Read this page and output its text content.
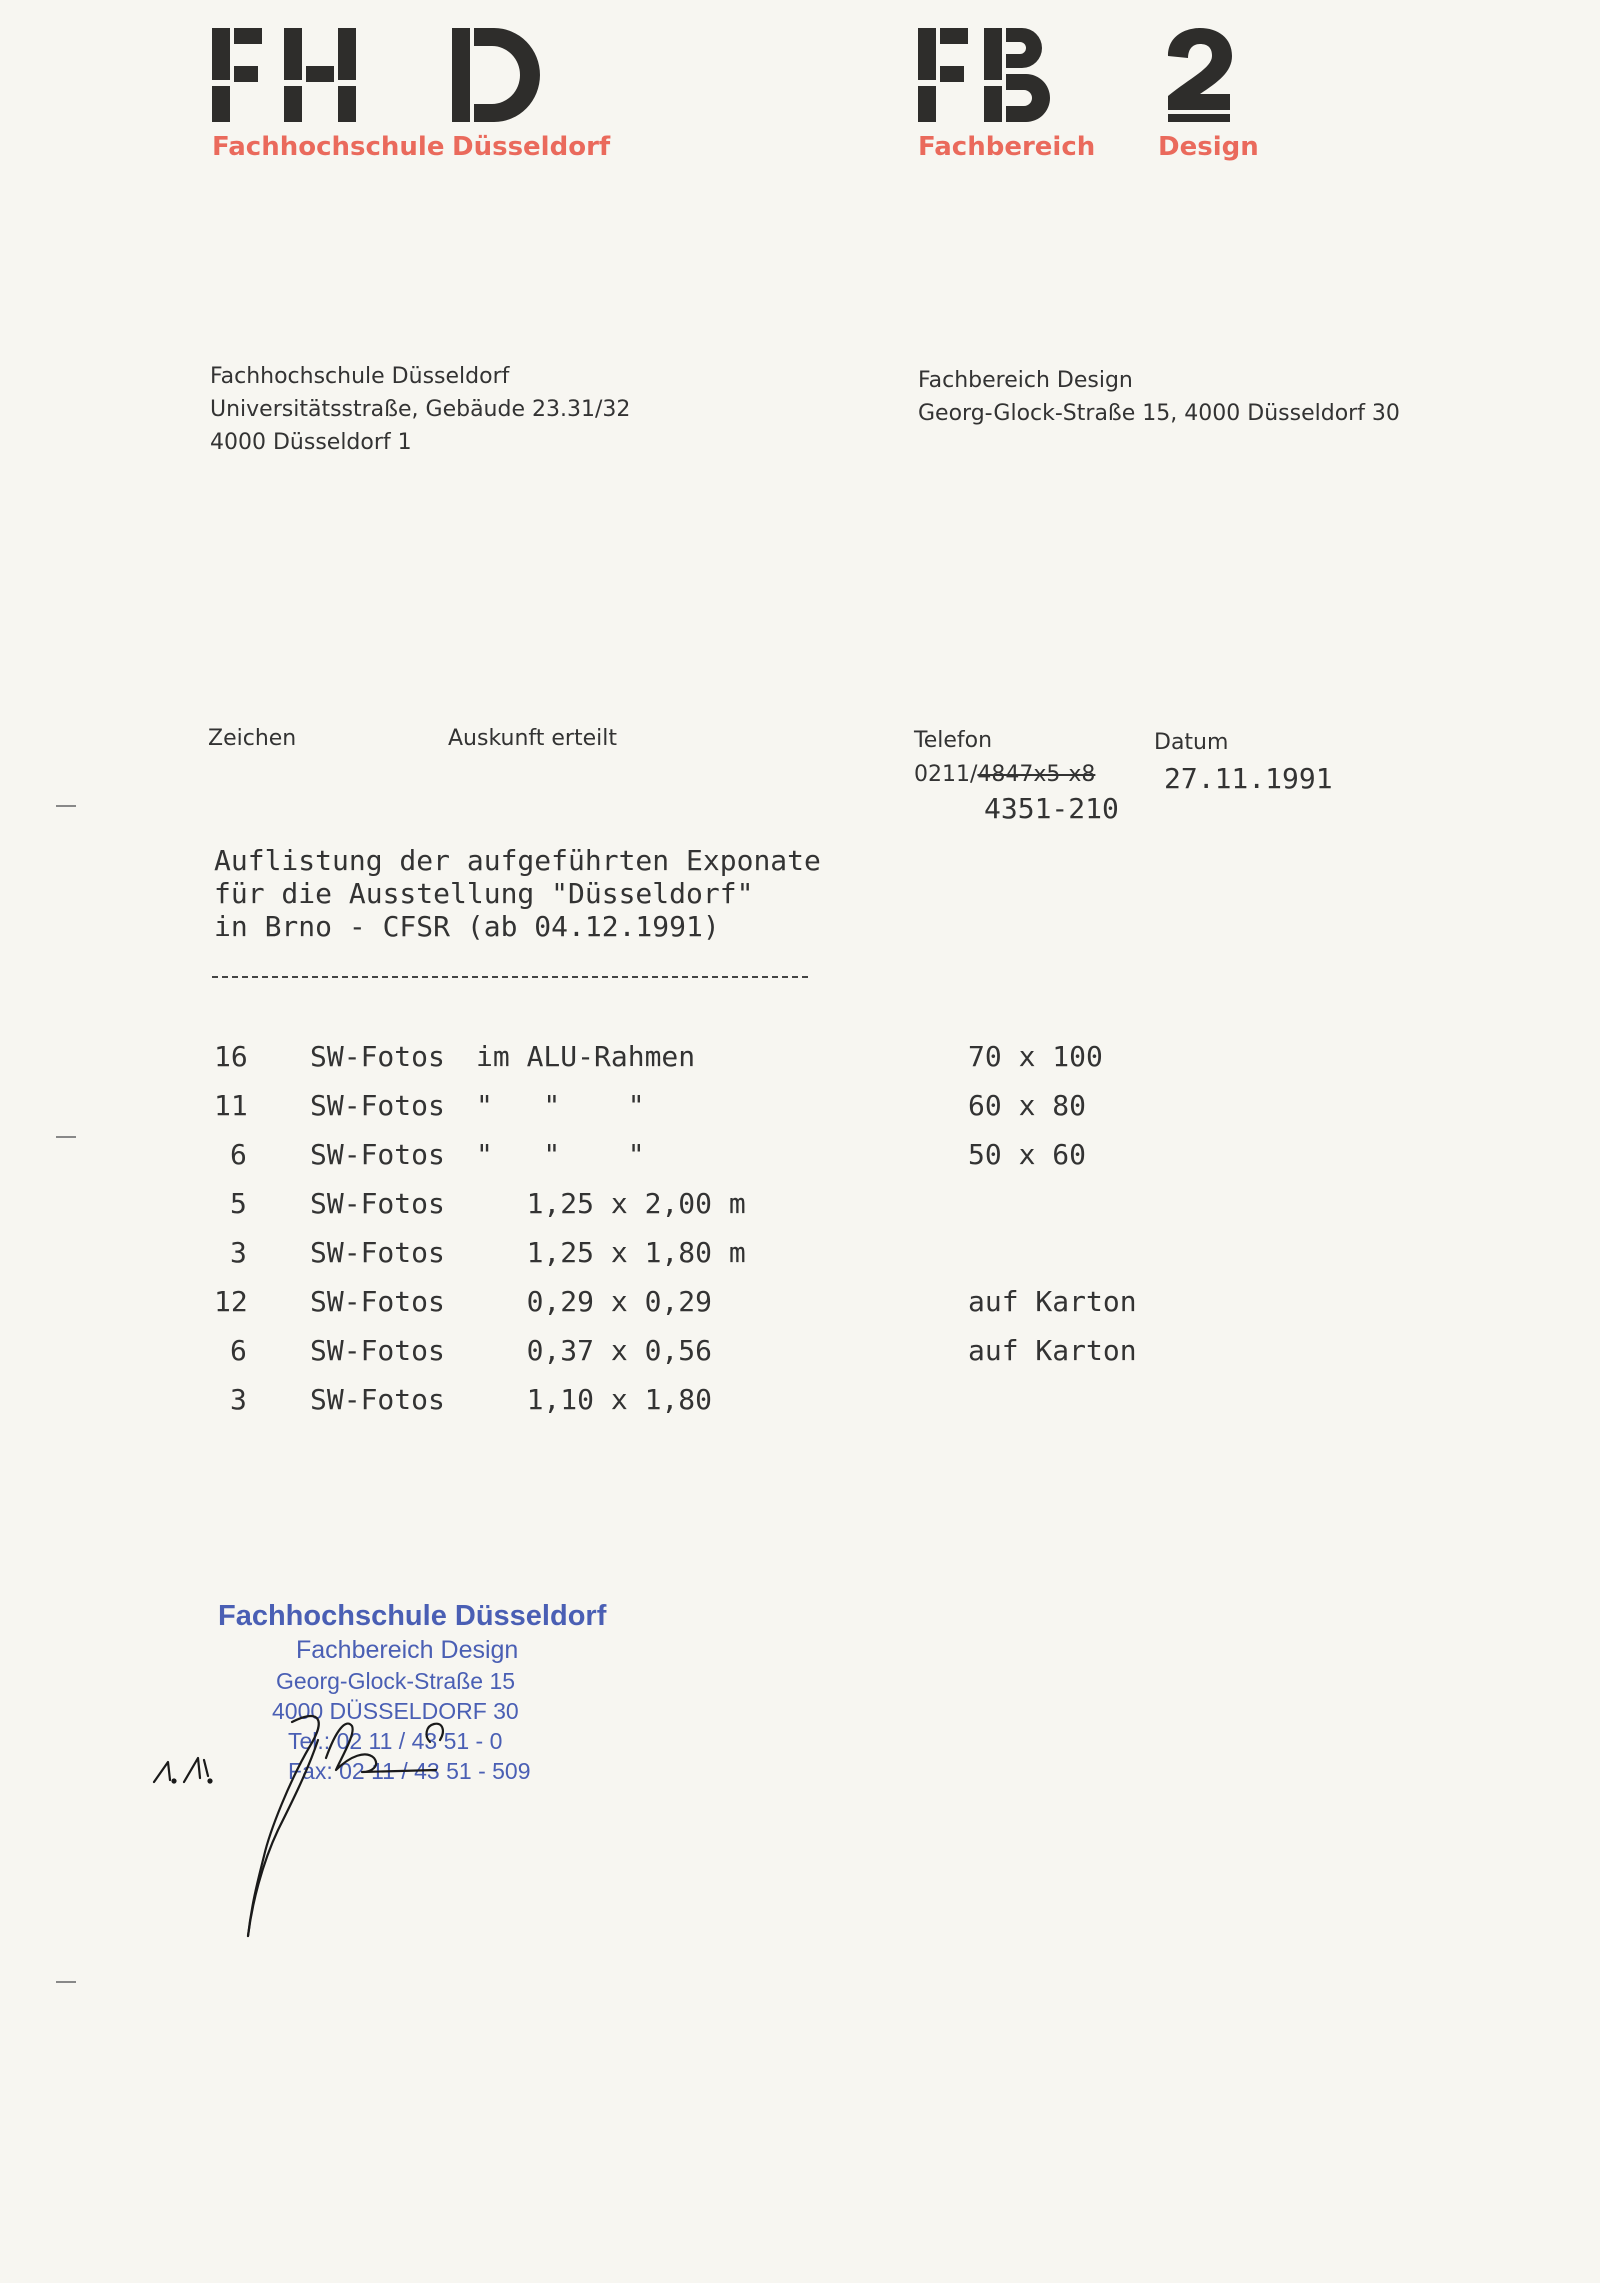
Fachhochschule Düsseldorf	Fachbereich Design
Fachhochschule Düsseldorf
Universitätsstraße, Gebäude 23.31/32
4000 Düsseldorf 1
Fachbereich Design
Georg-Glock-Straße 15, 4000 Düsseldorf 30
Zeichen	Auskunft erteilt	Telefon	Datum
0211/4847x5-x8
4351-210
27.11.1991
Auflistung der aufgeführten Exponate
für die Ausstellung "Düsseldorf"
in Brno - CFSR (ab 04.12.1991)
16 SW-Fotos im ALU-Rahmen	70 x 100
11 SW-Fotos "   "    "	60 x 80
6 SW-Fotos "   "    "	50 x 60
5 SW-Fotos 1,25 x 2,00 m
3 SW-Fotos 1,25 x 1,80 m
12 SW-Fotos 0,29 x 0,29	auf Karton
6 SW-Fotos 0,37 x 0,56	auf Karton
3 SW-Fotos 1,10 x 1,80
Fachhochschule Düsseldorf
Fachbereich Design
Georg-Glock-Straße 15
4000 DÜSSELDORF 30
Tel.: 02 11 / 43 51 - 0
Fax: 02 11 / 43 51 - 509
